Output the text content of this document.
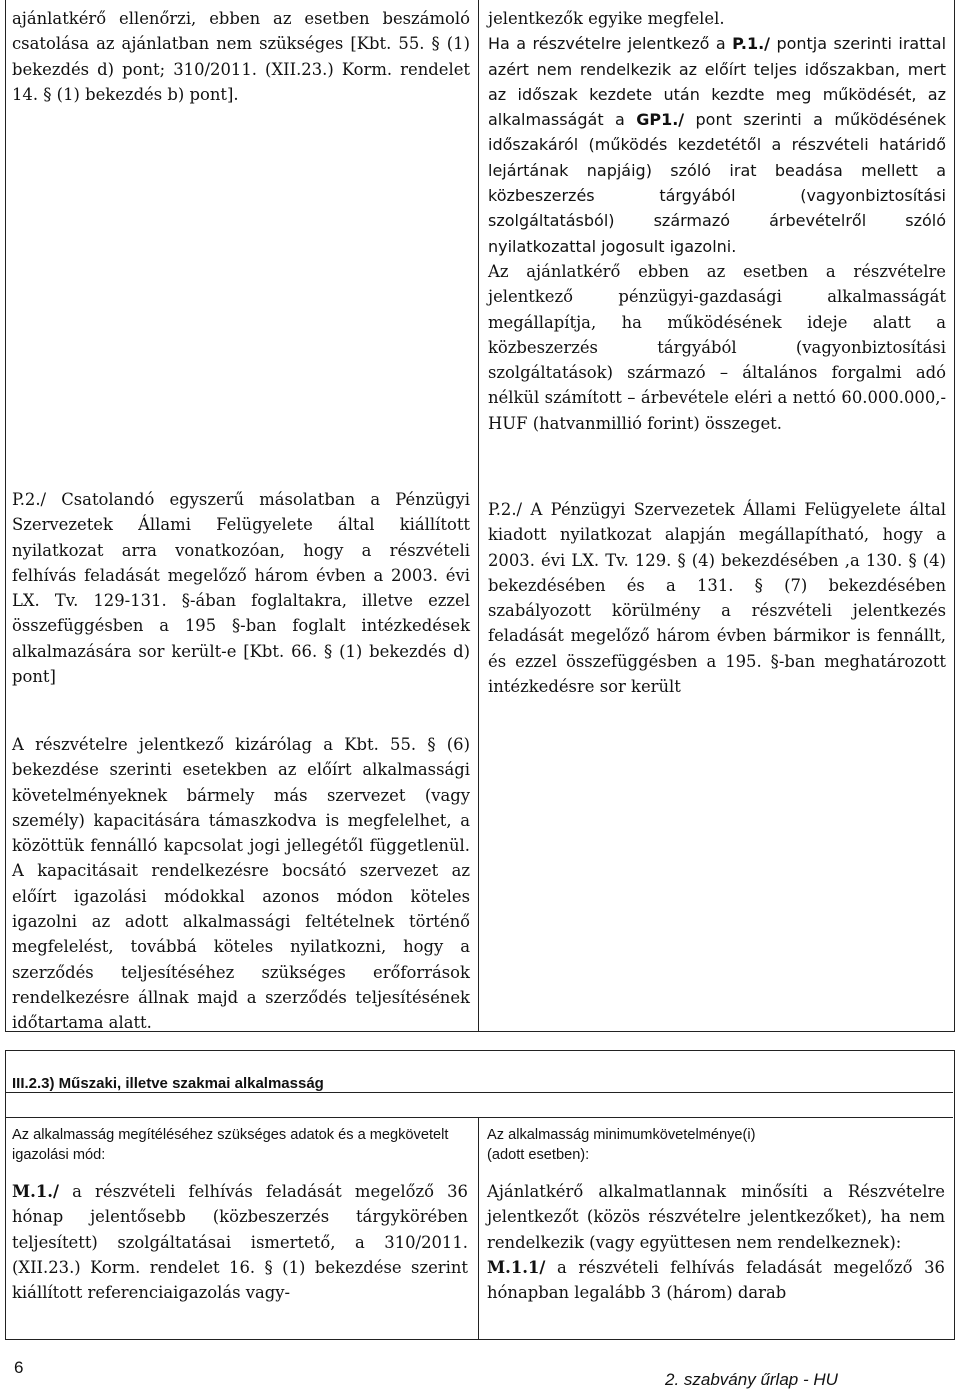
ajánlatkérő ellenőrzi, ebben az esetben beszámoló csatolása az ajánlatban nem szükséges [Kbt. 55. § (1) bekezdés d) pont; 310/2011. (XII.23.) Korm. rendelet 14. § (1) bekezdés b) pont].

jelentkezők egyike megfelel.

Ha a részvételre jelentkező a P.1./ pontja szerinti irattal azért nem rendelkezik az előírt teljes időszakban, mert az időszak kezdete után kezdte meg működését, az alkalmasságát a GP1./ pont szerinti a működésének időszakáról (működés kezdetétől a részvételi határidő lejártának napjáig) szóló irat beadása mellett a közbeszerzés tárgyából (vagyonbiztosítási szolgáltatásból) származó árbevételről szóló nyilatkozattal jogosult igazolni.

Az ajánlatkérő ebben az esetben a részvételre jelentkező pénzügyi-gazdasági alkalmasságát megállapítja, ha működésének ideje alatt a közbeszerzés tárgyából (vagyonbiztosítási szolgáltatások) származó – általános forgalmi adó nélkül számított – árbevétele eléri a nettó 60.000.000,- HUF (hatvanmillió forint) összeget.

P.2./ Csatolandó egyszerű másolatban a Pénzügyi Szervezetek Állami Felügyelete által kiállított nyilatkozat arra vonatkozóan, hogy a részvételi felhívás feladását megelőző három évben a 2003. évi LX. Tv. 129-131. §-ában foglaltakra, illetve ezzel összefüggésben a 195 §-ban foglalt intézkedések alkalmazására sor került-e [Kbt. 66. § (1) bekezdés d) pont]

P.2./ A Pénzügyi Szervezetek Állami Felügyelete által kiadott nyilatkozat alapján megállapítható, hogy a 2003. évi LX. Tv. 129. § (4) bekezdésében ,a 130. § (4) bekezdésében és a 131. § (7) bekezdésében szabályozott körülmény a részvételi jelentkezés feladását megelőző három évben bármikor is fennállt, és ezzel összefüggésben a 195. §-ban meghatározott intézkedésre sor került

A részvételre jelentkező kizárólag a Kbt. 55. § (6) bekezdése szerinti esetekben az előírt alkalmassági követelményeknek bármely más szervezet (vagy személy) kapacitására támaszkodva is megfelelhet, a közöttük fennálló kapcsolat jogi jellegétől függetlenül. A kapacitásait rendelkezésre bocsátó szervezet az előírt igazolási módokkal azonos módon köteles igazolni az adott alkalmassági feltételnek történő megfelelést, továbbá köteles nyilatkozni, hogy a szerződés teljesítéséhez szükséges erőforrások rendelkezésre állnak majd a szerződés teljesítésének időtartama alatt.

III.2.3) Műszaki, illetve szakmai alkalmasság
Az alkalmasság megítéléséhez szükséges adatok és a megkövetelt igazolási mód:
Az alkalmasság minimumkövetelménye(i)
(adott esetben):

M.1./ a részvételi felhívás feladását megelőző 36 hónap jelentősebb (közbeszerzés tárgykörében teljesített) szolgáltatásai ismertető, a 310/2011. (XII.23.) Korm. rendelet 16. § (1) bekezdése szerint kiállított referenciaigazolás vagy-

Ajánlatkérő alkalmatlannak minősíti a Részvételre jelentkezőt (közös részvételre jelentkezőket), ha nem rendelkezik (vagy együttesen nem rendelkeznek):

M.1.1/ a részvételi felhívás feladását megelőző 36 hónapban legalább 3 (három) darab

6
2. szabvány űrlap - HU
